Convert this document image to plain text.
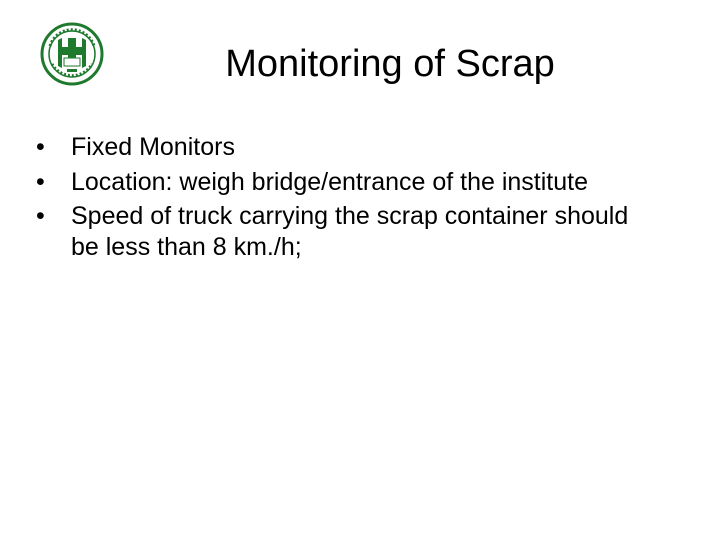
Monitoring of Scrap
•	Fixed Monitors
•	Location: weigh bridge/entrance of the institute
•	Speed of truck carrying the scrap container should be less than 8 km./h;
